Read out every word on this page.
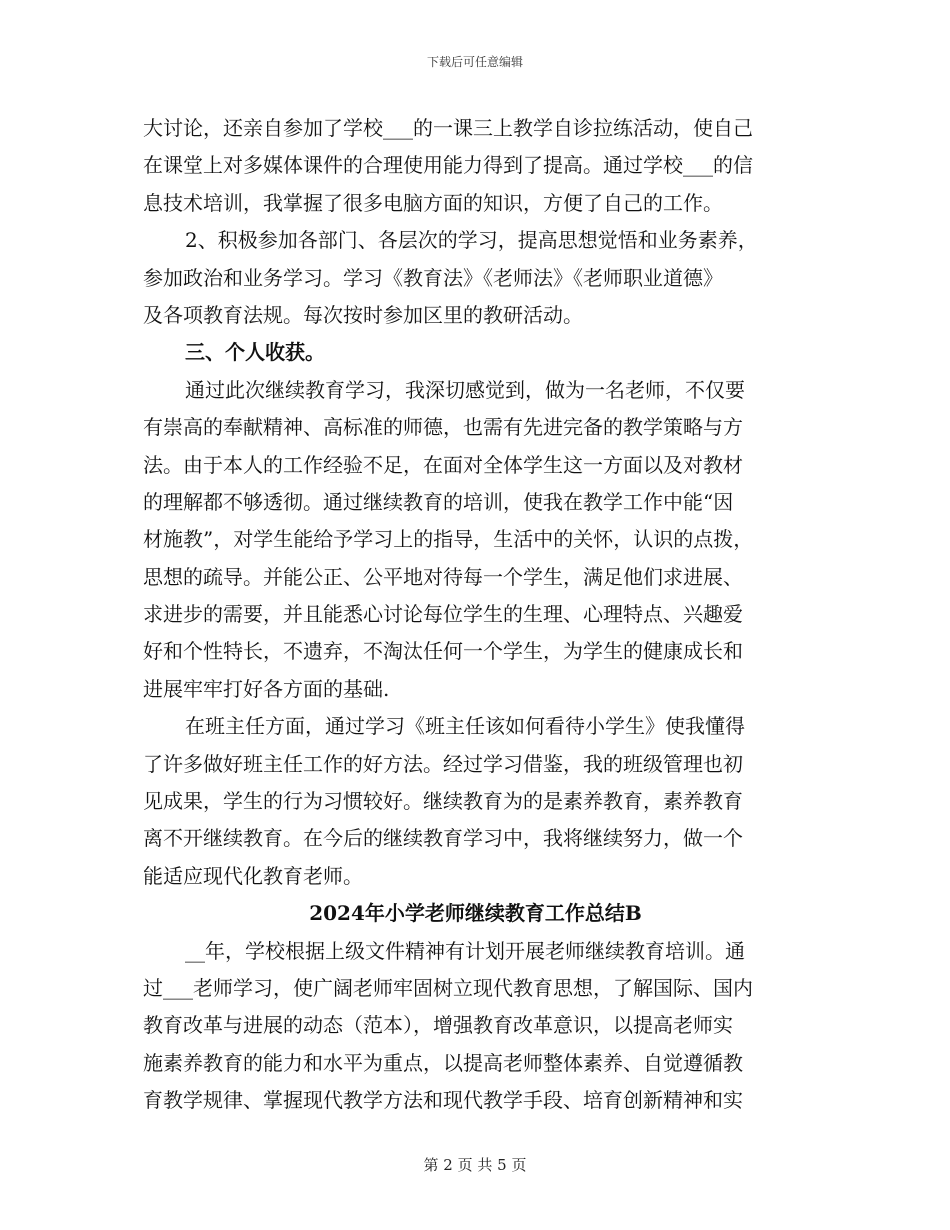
下载后可任意编辑
大讨论，还亲自参加了学校___的一课三上教学自诊拉练活动，使自己
在课堂上对多媒体课件的合理使用能力得到了提高。通过学校___的信
息技术培训，我掌握了很多电脑方面的知识，方便了自己的工作。
2、积极参加各部门、各层次的学习，提高思想觉悟和业务素养，
参加政治和业务学习。学习《教育法》《老师法》《老师职业道德》
及各项教育法规。每次按时参加区里的教研活动。
三、个人收获。
通过此次继续教育学习，我深切感觉到，做为一名老师，不仅要
有崇高的奉献精神、高标准的师德，也需有先进完备的教学策略与方
法。由于本人的工作经验不足，在面对全体学生这一方面以及对教材
的理解都不够透彻。通过继续教育的培训，使我在教学工作中能“因
材施教”，对学生能给予学习上的指导，生活中的关怀，认识的点拨，
思想的疏导。并能公正、公平地对待每一个学生，满足他们求进展、
求进步的需要，并且能悉心讨论每位学生的生理、心理特点、兴趣爱
好和个性特长，不遗弃，不淘汰任何一个学生，为学生的健康成长和
进展牢牢打好各方面的基础.
在班主任方面，通过学习《班主任该如何看待小学生》使我懂得
了许多做好班主任工作的好方法。经过学习借鉴，我的班级管理也初
见成果，学生的行为习惯较好。继续教育为的是素养教育，素养教育
离不开继续教育。在今后的继续教育学习中，我将继续努力，做一个
能适应现代化教育老师。
2024年小学老师继续教育工作总结B
__年，学校根据上级文件精神有计划开展老师继续教育培训。通
过___老师学习，使广阔老师牢固树立现代教育思想，了解国际、国内
教育改革与进展的动态（范本），增强教育改革意识，以提高老师实
施素养教育的能力和水平为重点，以提高老师整体素养、自觉遵循教
育教学规律、掌握现代教学方法和现代教学手段、培育创新精神和实
第 2 页 共 5 页
